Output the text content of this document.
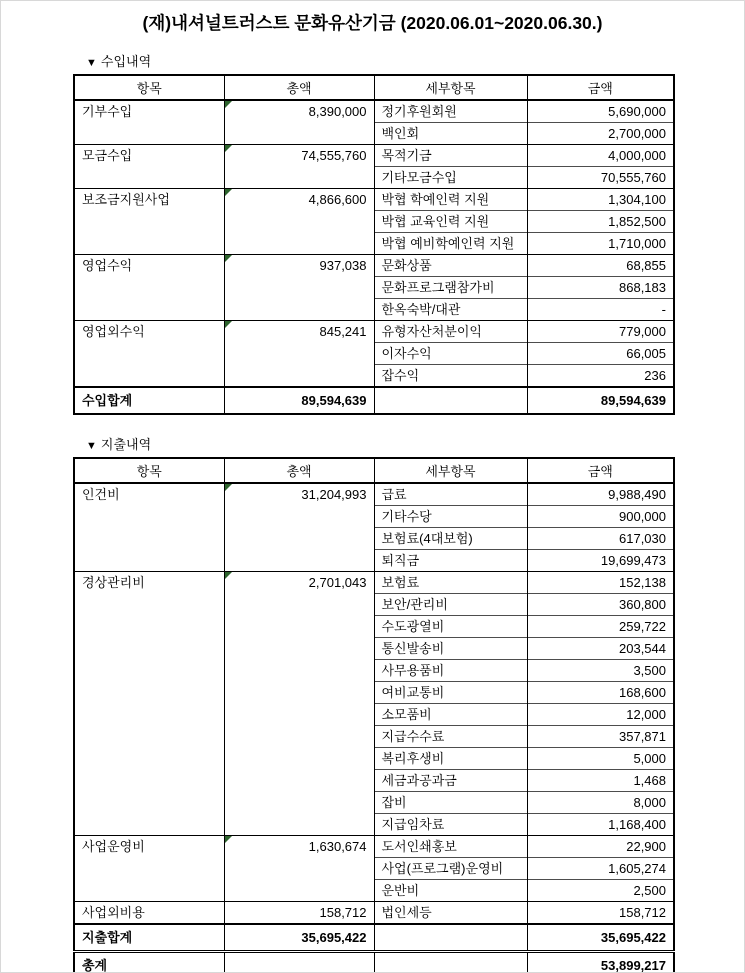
(재)내셔널트러스트 문화유산기금 (2020.06.01~2020.06.30.)
▼ 수입내역
항목	총액	세부항목	금액
기부수입	8,390,000	정기후원회원	5,690,000
		백인회	2,700,000
모금수입	74,555,760	목적기금	4,000,000
		기타모금수입	70,555,760
보조금지원사업	4,866,600	박협 학예인력 지원	1,304,100
		박협 교육인력 지원	1,852,500
		박협 예비학예인력 지원	1,710,000
영업수익	937,038	문화상품	68,855
		문화프로그램참가비	868,183
		한옥숙박/대관	-
영업외수익	845,241	유형자산처분이익	779,000
		이자수익	66,005
		잡수익	236
수입합계	89,594,639		89,594,639
▼ 지출내역
항목	총액	세부항목	금액
인건비	31,204,993	급료	9,988,490
		기타수당	900,000
		보험료(4대보험)	617,030
		퇴직금	19,699,473
경상관리비	2,701,043	보험료	152,138
		보안/관리비	360,800
		수도광열비	259,722
		통신발송비	203,544
		사무용품비	3,500
		여비교통비	168,600
		소모품비	12,000
		지급수수료	357,871
		복리후생비	5,000
		세금과공과금	1,468
		잡비	8,000
		지급임차료	1,168,400
사업운영비	1,630,674	도서인쇄홍보	22,900
		사업(프로그램)운영비	1,605,274
		운반비	2,500
사업외비용	158,712	법인세등	158,712
지출합계	35,695,422		35,695,422
총계			53,899,217
